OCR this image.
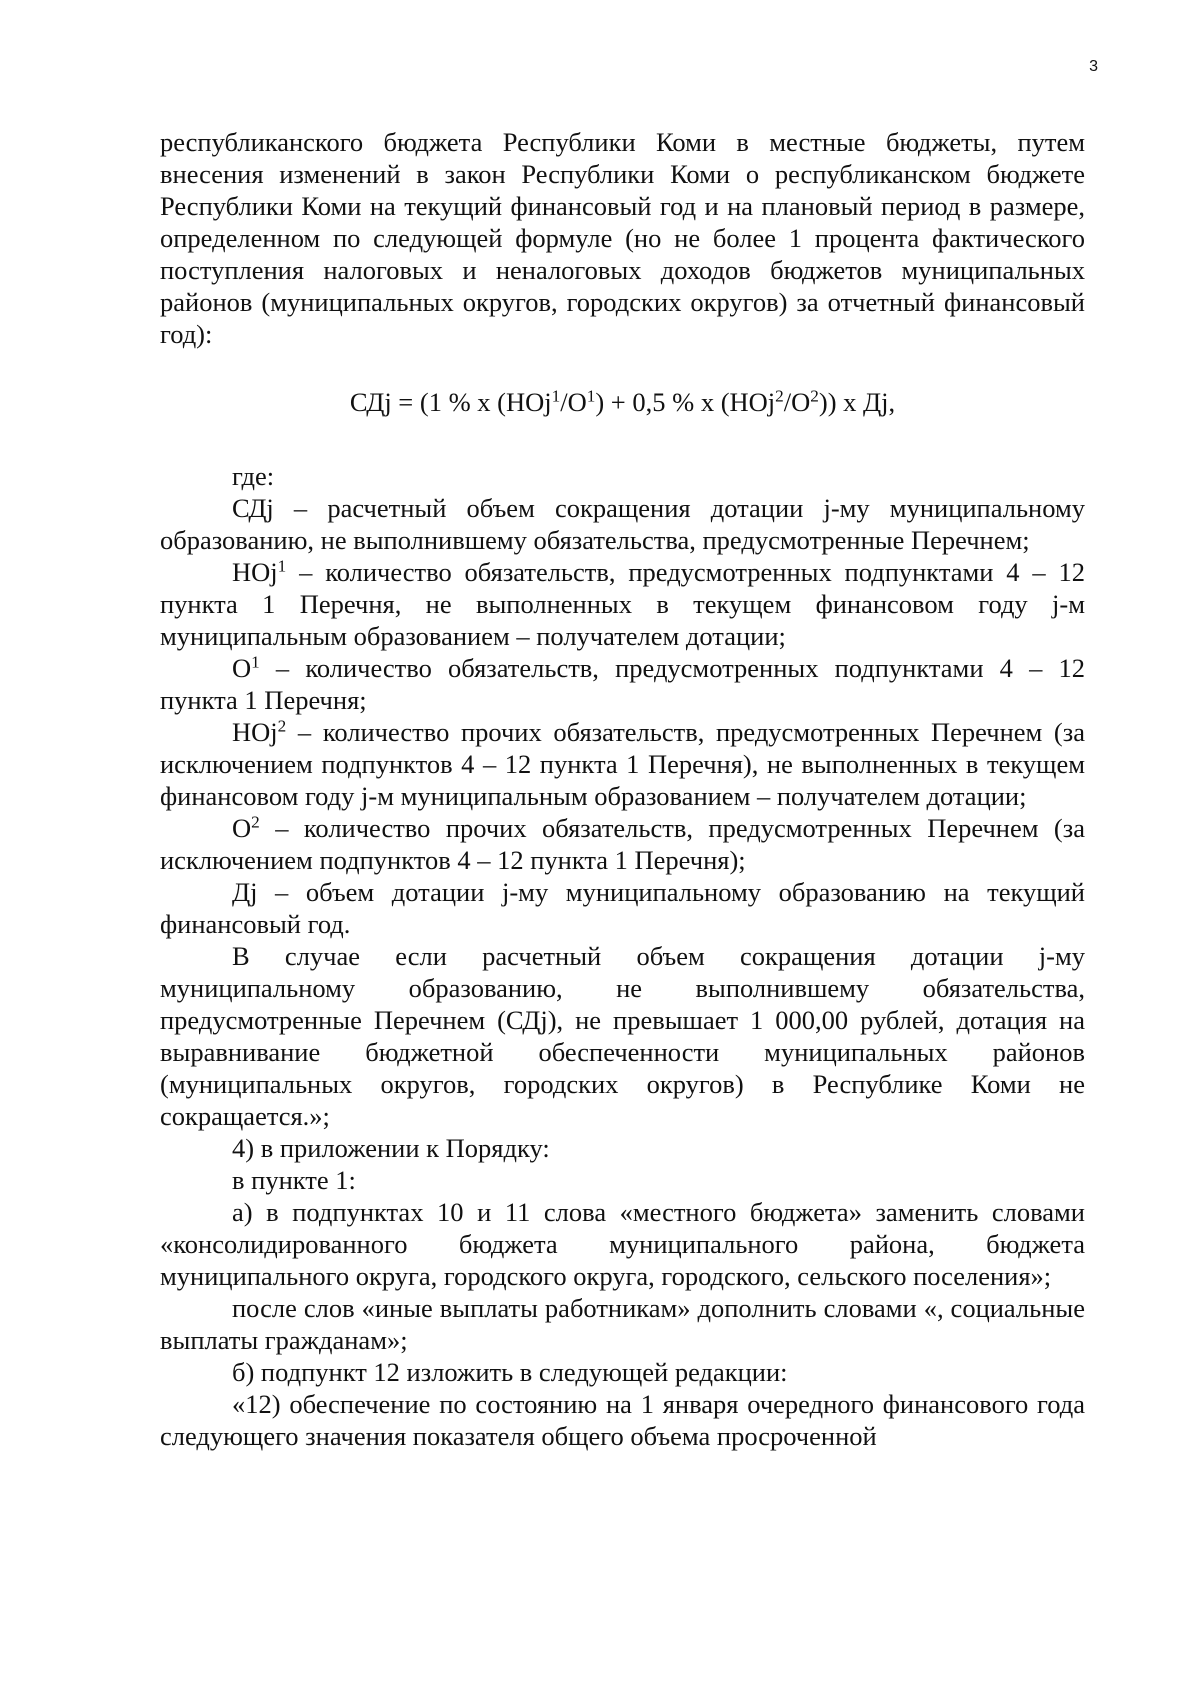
3

республиканского бюджета Республики Коми в местные бюджеты, путем внесения изменений в закон Республики Коми о республиканском бюджете Республики Коми на текущий финансовый год и на плановый период в размере, определенном по следующей формуле (но не более 1 процента фактического поступления налоговых и неналоговых доходов бюджетов муниципальных районов (муниципальных округов, городских округов) за отчетный финансовый год):

СДj = (1 % х $(НОj^1/О^1) + 0,5$ % х $(НОj^2/О^2)$) х Дj,

где:

СДj – расчетный объем сокращения дотации j-му муниципальному образованию, не выполнившему обязательства, предусмотренные Перечнем;

НОj$^1$ – количество обязательств, предусмотренных подпунктами 4 – 12 пункта 1 Перечня, не выполненных в текущем финансовом году j-м муниципальным образованием – получателем дотации;

$О^1$ – количество обязательств, предусмотренных подпунктами 4 – 12 пункта 1 Перечня;

НОj$^2$ – количество прочих обязательств, предусмотренных Перечнем (за исключением подпунктов 4 – 12 пункта 1 Перечня), не выполненных в текущем финансовом году j-м муниципальным образованием – получателем дотации;

$О^2$ – количество прочих обязательств, предусмотренных Перечнем (за исключением подпунктов 4 – 12 пункта 1 Перечня);

Дj – объем дотации j-му муниципальному образованию на текущий финансовый год.

В случае если расчетный объем сокращения дотации j-му муниципальному образованию, не выполнившему обязательства, предусмотренные Перечнем (СДj), не превышает 1 000,00 рублей, дотация на выравнивание бюджетной обеспеченности муниципальных районов (муниципальных округов, городских округов) в Республике Коми не сокращается.»;

4) в приложении к Порядку:

в пункте 1:

а) в подпунктах 10 и 11 слова «местного бюджета» заменить словами «консолидированного бюджета муниципального района, бюджета муниципального округа, городского округа, городского, сельского поселения»;

после слов «иные выплаты работникам» дополнить словами «, социальные выплаты гражданам»;

б) подпункт 12 изложить в следующей редакции:

«12) обеспечение по состоянию на 1 января очередного финансового года следующего значения показателя общего объема просроченной
